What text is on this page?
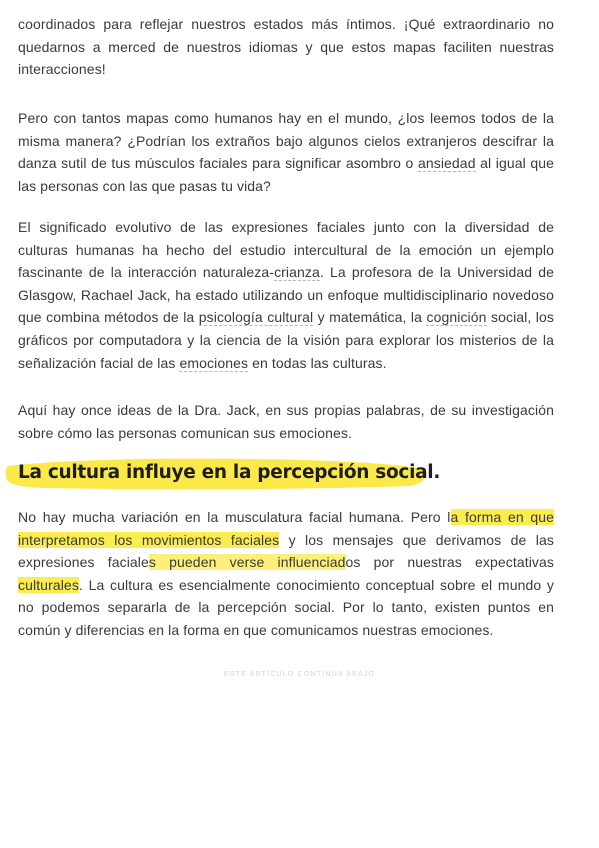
coordinados para reflejar nuestros estados más íntimos. ¡Qué extraordinario no quedarnos a merced de nuestros idiomas y que estos mapas faciliten nuestras interacciones!

Pero con tantos mapas como humanos hay en el mundo, ¿los leemos todos de la misma manera? ¿Podrían los extraños bajo algunos cielos extranjeros descifrar la danza sutil de tus músculos faciales para significar asombro o ansiedad al igual que las personas con las que pasas tu vida?

El significado evolutivo de las expresiones faciales junto con la diversidad de culturas humanas ha hecho del estudio intercultural de la emoción un ejemplo fascinante de la interacción naturaleza-crianza. La profesora de la Universidad de Glasgow, Rachael Jack, ha estado utilizando un enfoque multidisciplinario novedoso que combina métodos de la psicología cultural y matemática, la cognición social, los gráficos por computadora y la ciencia de la visión para explorar los misterios de la señalización facial de las emociones en todas las culturas.

Aquí hay once ideas de la Dra. Jack, en sus propias palabras, de su investigación sobre cómo las personas comunican sus emociones.

La cultura influye en la percepción social.

No hay mucha variación en la musculatura facial humana. Pero la forma en que interpretamos los movimientos faciales y los mensajes que derivamos de las expresiones faciales pueden verse influenciados por nuestras expectativas culturales. La cultura es esencialmente conocimiento conceptual sobre el mundo y no podemos separarla de la percepción social. Por lo tanto, existen puntos en común y diferencias en la forma en que comunicamos nuestras emociones.

ESTE ARTÍCULO CONTINÚA ABAJO
